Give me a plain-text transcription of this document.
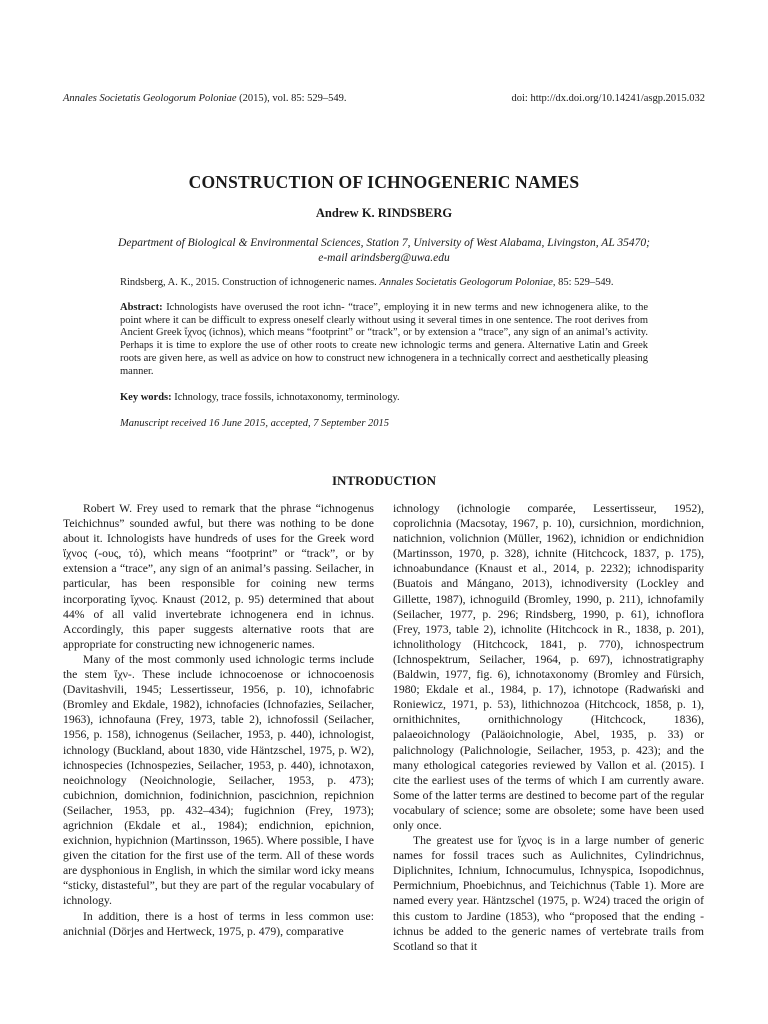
Annales Societatis Geologorum Poloniae (2015), vol. 85: 529–549.	doi: http://dx.doi.org/10.14241/asgp.2015.032
CONSTRUCTION OF ICHNOGENERIC NAMES
Andrew K. RINDSBERG
Department of Biological & Environmental Sciences, Station 7, University of West Alabama, Livingston, AL 35470;
e-mail arindsberg@uwa.edu
Rindsberg, A. K., 2015. Construction of ichnogeneric names. Annales Societatis Geologorum Poloniae, 85: 529–549.
Abstract: Ichnologists have overused the root ichn- “trace”, employing it in new terms and new ichnogenera alike, to the point where it can be difficult to express oneself clearly without using it several times in one sentence. The root derives from Ancient Greek ἴχνος (ichnos), which means “footprint” or “track”, or by extension a “trace”, any sign of an animal’s activity. Perhaps it is time to explore the use of other roots to create new ichnologic terms and genera. Alternative Latin and Greek roots are given here, as well as advice on how to construct new ichnogenera in a technically correct and aesthetically pleasing manner.
Key words: Ichnology, trace fossils, ichnotaxonomy, terminology.
Manuscript received 16 June 2015, accepted, 7 September 2015
INTRODUCTION

Robert W. Frey used to remark that the phrase “ichnogenus Teichichnus” sounded awful, but there was nothing to be done about it. Ichnologists have hundreds of uses for the Greek word ἴχνος (-ους, τό), which means “footprint” or “track”, or by extension a “trace”, any sign of an animal’s passing. Seilacher, in particular, has been responsible for coining new terms incorporating ἴχνος. Knaust (2012, p. 95) determined that about 44% of all valid invertebrate ichnogenera end in ichnus. Accordingly, this paper suggests alternative roots that are appropriate for constructing new ichnogeneric names.

Many of the most commonly used ichnologic terms include the stem ἴχν-. These include ichnocoenose or ichnocoenosis (Davitashvili, 1945; Lessertisseur, 1956, p. 10), ichnofabric (Bromley and Ekdale, 1982), ichnofacies (Ichnofazies, Seilacher, 1963), ichnofauna (Frey, 1973, table 2), ichnofossil (Seilacher, 1956, p. 158), ichnogenus (Seilacher, 1953, p. 440), ichnologist, ichnology (Buckland, about 1830, vide Häntzschel, 1975, p. W2), ichnospecies (Ichnospezies, Seilacher, 1953, p. 440), ichnotaxon, neoichnology (Neoichnologie, Seilacher, 1953, p. 473); cubichnion, domichnion, fodinichnion, pascichnion, repichnion (Seilacher, 1953, pp. 432–434); fugichnion (Frey, 1973); agrichnion (Ekdale et al., 1984); endichnion, epichnion, exichnion, hypichnion (Martinsson, 1965). Where possible, I have given the citation for the first use of the term. All of these words are dysphonious in English, in which the similar word icky means “sticky, distasteful”, but they are part of the regular vocabulary of ichnology.

In addition, there is a host of terms in less common use: anichnial (Dörjes and Hertweck, 1975, p. 479), comparative

ichnology (ichnologie comparée, Lessertisseur, 1952), coprolichnia (Macsotay, 1967, p. 10), cursichnion, mordichnion, natichnion, volichnion (Müller, 1962), ichnidion or endichnidion (Martinsson, 1970, p. 328), ichnite (Hitchcock, 1837, p. 175), ichnoabundance (Knaust et al., 2014, p. 2232); ichnodisparity (Buatois and Mángano, 2013), ichnodiversity (Lockley and Gillette, 1987), ichnoguild (Bromley, 1990, p. 211), ichnofamily (Seilacher, 1977, p. 296; Rindsberg, 1990, p. 61), ichnoflora (Frey, 1973, table 2), ichnolite (Hitchcock in R., 1838, p. 201), ichnolithology (Hitchcock, 1841, p. 770), ichnospectrum (Ichnospektrum, Seilacher, 1964, p. 697), ichnostratigraphy (Baldwin, 1977, fig. 6), ichnotaxonomy (Bromley and Fürsich, 1980; Ekdale et al., 1984, p. 17), ichnotope (Radwański and Roniewicz, 1971, p. 53), lithichnozoa (Hitchcock, 1858, p. 1), ornithichnites, ornithichnology (Hitchcock, 1836), palaeoichnology (Paläoichnologie, Abel, 1935, p. 33) or palichnology (Palichnologie, Seilacher, 1953, p. 423); and the many ethological categories reviewed by Vallon et al. (2015). I cite the earliest uses of the terms of which I am currently aware. Some of the latter terms are destined to become part of the regular vocabulary of science; some are obsolete; some have been used only once.

The greatest use for ἴχνος is in a large number of generic names for fossil traces such as Aulichnites, Cylindrichnus, Diplichnites, Ichnium, Ichnocumulus, Ichnyspica, Isopodichnus, Permichnium, Phoebichnus, and Teichichnus (Table 1). More are named every year. Häntzschel (1975, p. W24) traced the origin of this custom to Jardine (1853), who “proposed that the ending -ichnus be added to the generic names of vertebrate trails from Scotland so that it
